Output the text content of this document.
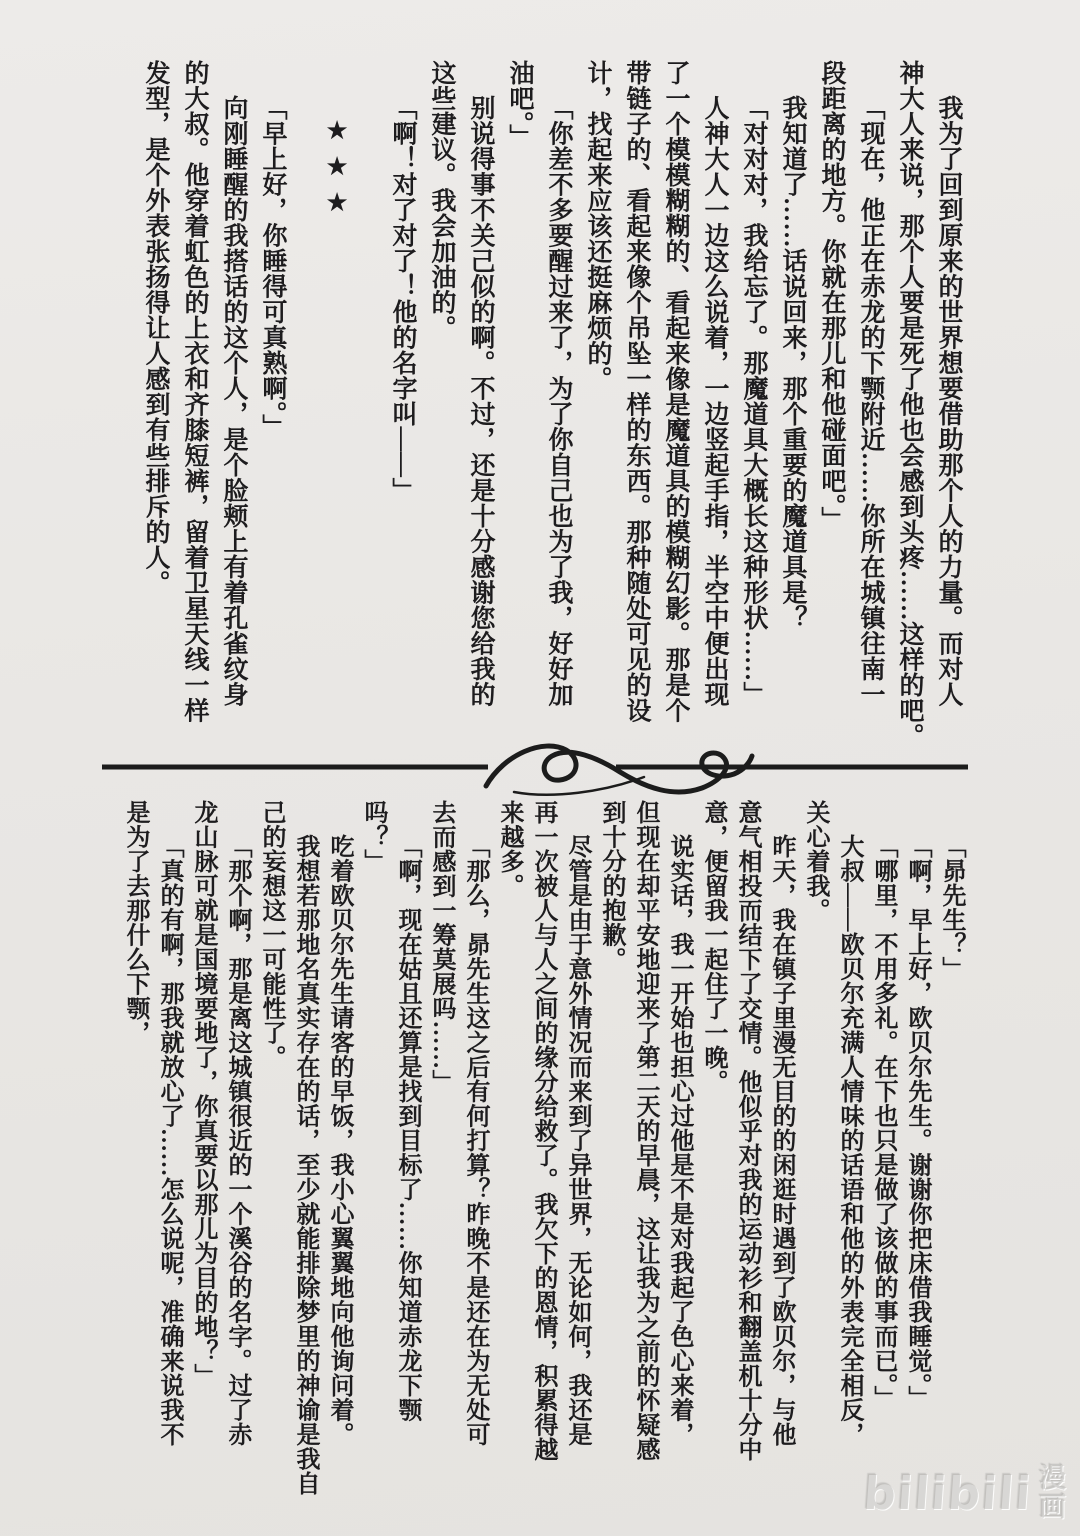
我为了回到原来的世界想要借助那个人的力量。而对人
神大人来说，那个人要是死了他也会感到头疼……这样的吧。
「现在，他正在赤龙的下颚附近……你所在城镇往南一
段距离的地方。你就在那儿和他碰面吧。」
我知道了……话说回来，那个重要的魔道具是？
「对对对，我给忘了。那魔道具大概长这种形状……」
人神大人一边这么说着，一边竖起手指，半空中便出现
了一个模模糊糊的、看起来像是魔道具的模糊幻影。那是个
带链子的、看起来像个吊坠一样的东西。那种随处可见的设
计，找起来应该还挺麻烦的。
「你差不多要醒过来了，为了你自己也为了我，好好加
油吧。」
别说得事不关己似的啊。不过，还是十分感谢您给我的
这些建议。我会加油的。
「啊！对了对了！他的名字叫——」
★★★
「早上好，你睡得可真熟啊。」
向刚睡醒的我搭话的这个人，是个脸颊上有着孔雀纹身
的大叔。他穿着虹色的上衣和齐膝短裤，留着卫星天线一样
发型，是个外表张扬得让人感到有些排斥的人。
「昴先生？」
「啊，早上好，欧贝尔先生。谢谢你把床借我睡觉。」
「哪里，不用多礼。在下也只是做了该做的事而已。」
大叔——欧贝尔充满人情味的话语和他的外表完全相反，
关心着我。
昨天，我在镇子里漫无目的的闲逛时遇到了欧贝尔，与他
意气相投而结下了交情。他似乎对我的运动衫和翻盖机十分中
意，便留我一起住了一晚。
说实话，我一开始也担心过他是不是对我起了色心来着，
但现在却平安地迎来了第二天的早晨，这让我为之前的怀疑感
到十分的抱歉。
尽管是由于意外情况而来到了异世界，无论如何，我还是
再一次被人与人之间的缘分给救了。我欠下的恩情，积累得越
来越多。
「那么，昴先生这之后有何打算？昨晚不是还在为无处可
去而感到一筹莫展吗……」
「啊，现在姑且还算是找到目标了……你知道赤龙下颚
吗？」
吃着欧贝尔先生请客的早饭，我小心翼翼地向他询问着。
我想若那地名真实存在的话，至少就能排除梦里的神谕是我自
己的妄想这一可能性了。
「那个啊，那是离这城镇很近的一个溪谷的名字。过了赤
龙山脉可就是国境要地了，你真要以那儿为目的地？」
「真的有啊，那我就放心了……怎么说呢，准确来说我不
是为了去那什么下颚，
bilibili 漫
画
